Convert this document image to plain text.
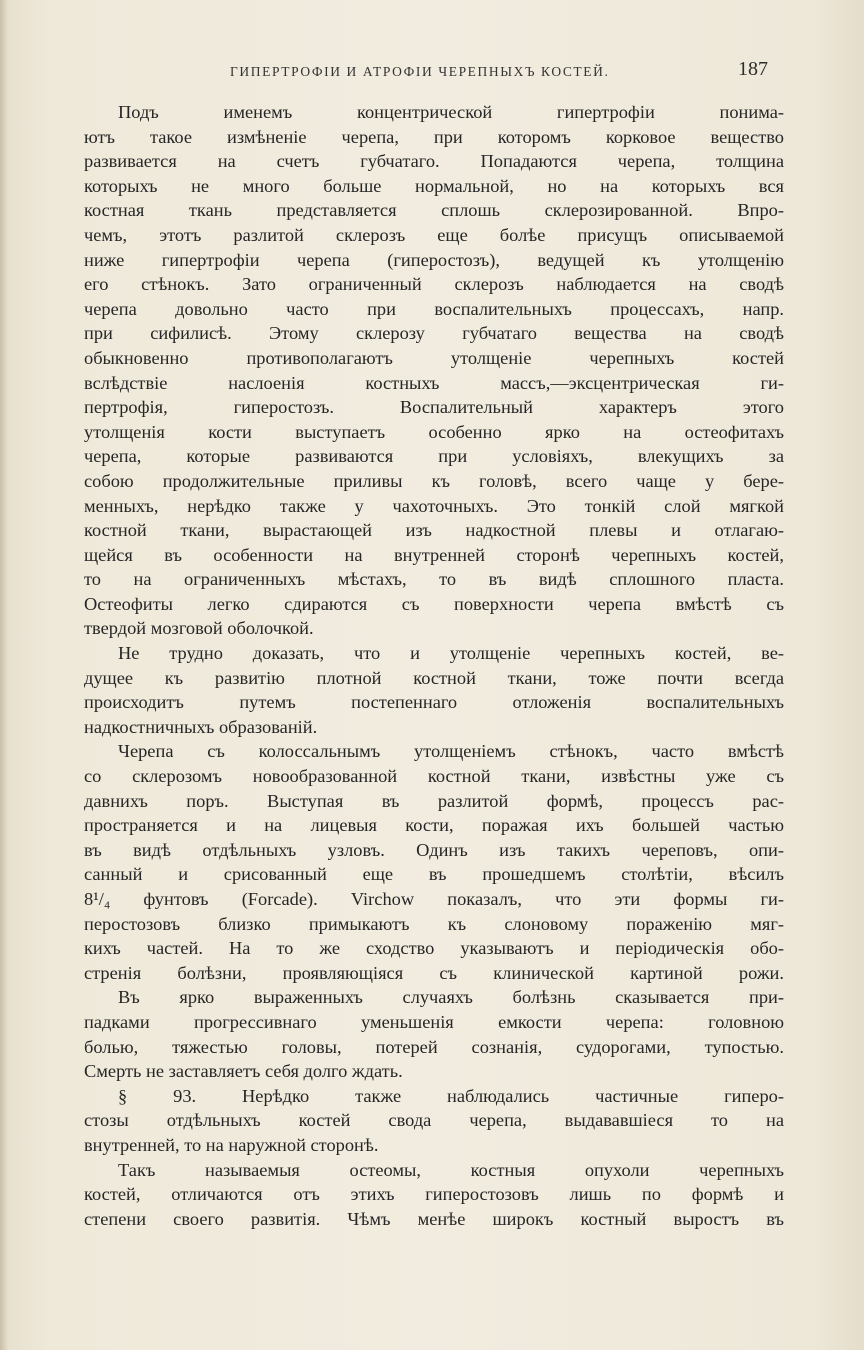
ГИПЕРТРОФІИ И АТРОФІИ ЧЕРЕПНЫХЪ КОСТЕЙ.	187
Подъ именемъ концентрической гипертрофіи понима-
ютъ такое измѣненіе черепа, при которомъ корковое вещество
развивается на счетъ губчатаго. Попадаются черепа, толщина
которыхъ не много больше нормальной, но на которыхъ вся
костная ткань представляется сплошь склерозированной. Впро-
чемъ, этотъ разлитой склерозъ еще болѣе присущъ описываемой
ниже гипертрофіи черепа (гиперостозъ), ведущей къ утолщенію
его стѣнокъ. Зато ограниченный склерозъ наблюдается на сводѣ
черепа довольно часто при воспалительныхъ процессахъ, напр.
при сифилисѣ. Этому склерозу губчатаго вещества на сводѣ
обыкновенно противополагаютъ утолщеніе черепныхъ костей
вслѣдствіе наслоенія костныхъ массъ,—эксцентрическая ги-
пертрофія, гиперостозъ. Воспалительный характеръ этого
утолщенія кости выступаетъ особенно ярко на остеофитахъ
черепа, которые развиваются при условіяхъ, влекущихъ за
собою продолжительные приливы къ головѣ, всего чаще у бере-
менныхъ, нерѣдко также у чахоточныхъ. Это тонкій слой мягкой
костной ткани, вырастающей изъ надкостной плевы и отлагаю-
щейся въ особенности на внутренней сторонѣ черепныхъ костей,
то на ограниченныхъ мѣстахъ, то въ видѣ сплошного пласта.
Остеофиты легко сдираются съ поверхности черепа вмѣстѣ съ
твердой мозговой оболочкой.
Не трудно доказать, что и утолщеніе черепныхъ костей, ве-
дущее къ развитію плотной костной ткани, тоже почти всегда
происходитъ путемъ постепеннаго отложенія воспалительныхъ
надкостничныхъ образованій.
Черепа съ колоссальнымъ утолщеніемъ стѣнокъ, часто вмѣстѣ
со склерозомъ новообразованной костной ткани, извѣстны уже съ
давнихъ поръ. Выступая въ разлитой формѣ, процессъ рас-
пространяется и на лицевыя кости, поражая ихъ большей частью
въ видѣ отдѣльныхъ узловъ. Одинъ изъ такихъ череповъ, опи-
санный и срисованный еще въ прошедшемъ столѣтіи, вѣсилъ
8¹/₄ фунтовъ (Forcade). Virchow показалъ, что эти формы ги-
перостозовъ близко примыкаютъ къ слоновому пораженію мяг-
кихъ частей. На то же сходство указываютъ и періодическія обо-
стренія болѣзни, проявляющіяся съ клинической картиной рожи.
Въ ярко выраженныхъ случаяхъ болѣзнь сказывается при-
падками прогрессивнаго уменьшенія емкости черепа: головною
болью, тяжестью головы, потерей сознанія, судорогами, тупостью.
Смерть не заставляетъ себя долго ждать.
§ 93. Нерѣдко также наблюдались частичные гиперо-
стозы отдѣльныхъ костей свода черепа, выдававшіеся то на
внутренней, то на наружной сторонѣ.
Такъ называемыя остеомы, костныя опухоли черепныхъ
костей, отличаются отъ этихъ гиперостозовъ лишь по формѣ и
степени своего развитія. Чѣмъ менѣе широкъ костный выростъ въ
